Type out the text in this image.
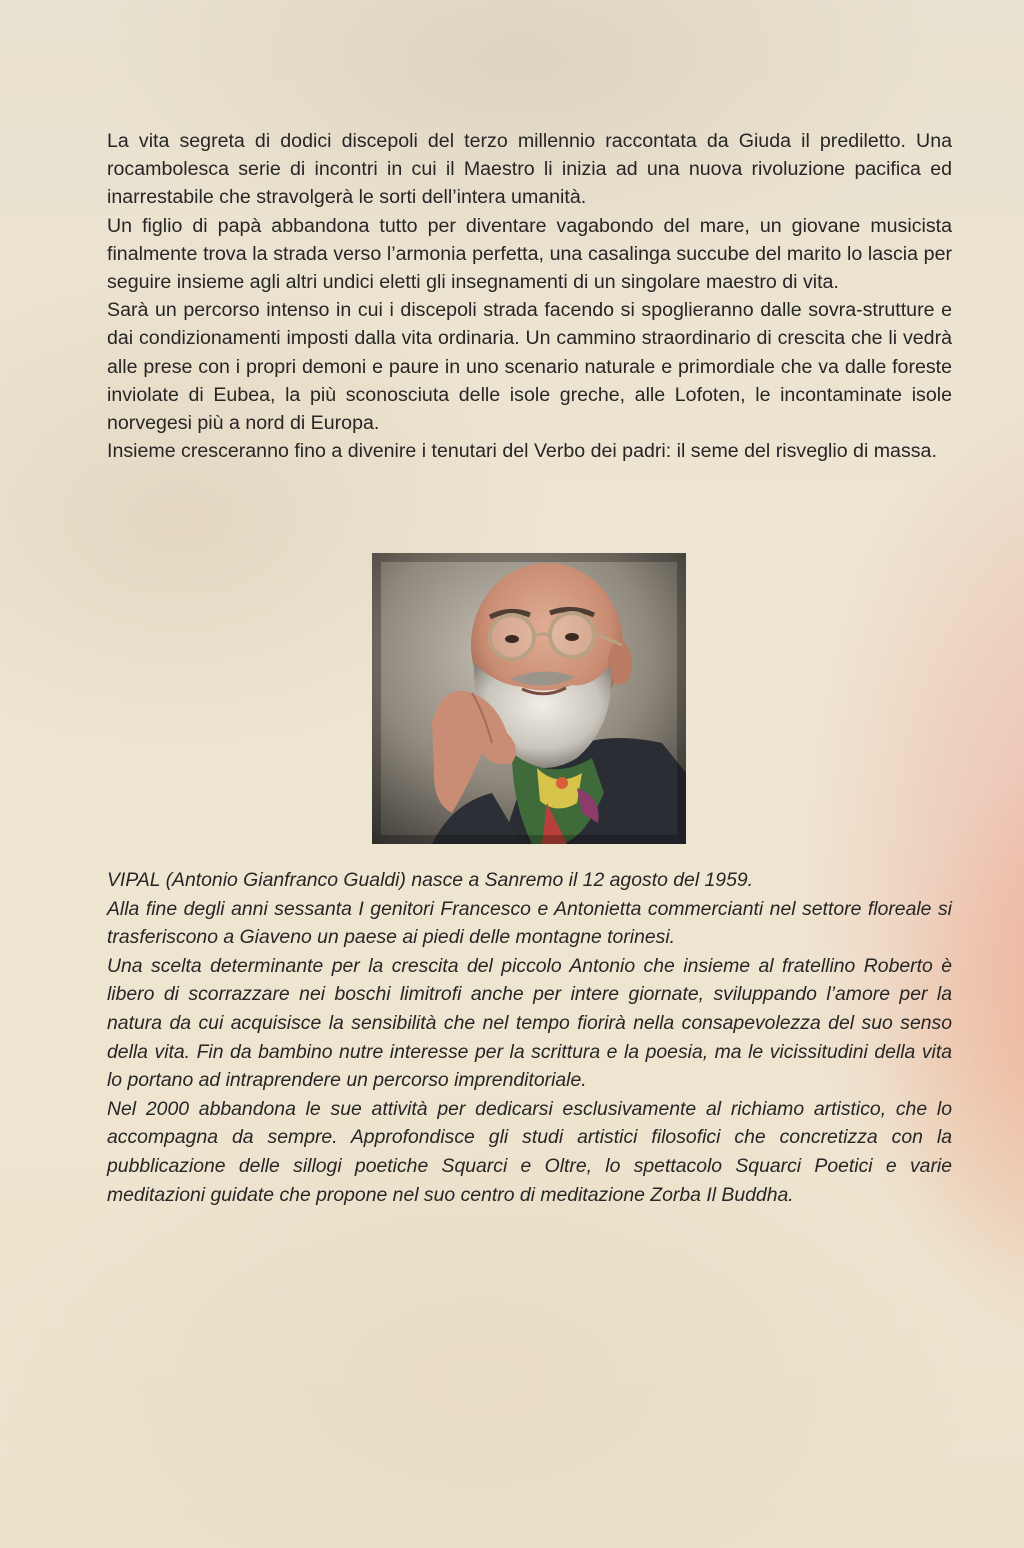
La vita segreta di dodici discepoli del terzo millennio raccontata da Giuda il prediletto. Una rocambolesca serie di incontri in cui il Maestro li inizia ad una nuova rivoluzione pacifica ed inarrestabile che stravolgerà le sorti dell’intera umanità.

Un figlio di papà abbandona tutto per diventare vagabondo del mare, un giovane musicista finalmente trova la strada verso l’armonia perfetta, una casalinga succube del marito lo lascia per seguire insieme agli altri undici eletti gli insegnamenti di un singolare maestro di vita.

Sarà un percorso intenso in cui i discepoli strada facendo si spoglieranno dalle sovra-strutture e dai condizionamenti imposti dalla vita ordinaria. Un cammino straordinario di crescita che li vedrà alle prese con i propri demoni e paure in uno scenario naturale e primordiale che va dalle foreste inviolate di Eubea, la più sconosciuta delle isole greche, alle Lofoten, le incontaminate isole norvegesi più a nord di Europa.

Insieme cresceranno fino a divenire i tenutari del Verbo dei padri: il seme del risveglio di massa.

VIPAL (Antonio Gianfranco Gualdi) nasce a Sanremo il 12 agosto del 1959.

Alla fine degli anni sessanta I genitori Francesco e Antonietta commercianti nel settore floreale si trasferiscono a Giaveno un paese ai piedi delle montagne torinesi.

Una scelta determinante per la crescita del piccolo Antonio che insieme al fratellino Roberto è libero di scorrazzare nei boschi limitrofi anche per intere giornate, sviluppando l’amore per la natura da cui acquisisce la sensibilità che nel tempo fiorirà nella consapevolezza del suo senso della vita. Fin da bambino nutre interesse per la scrittura e la poesia, ma le vicissitudini della vita lo portano ad intraprendere un percorso imprenditoriale.

Nel 2000 abbandona le sue attività per dedicarsi esclusivamente al richiamo artistico, che lo accompagna da sempre. Approfondisce gli studi artistici filosofici che concretizza con la pubblicazione delle sillogi poetiche Squarci e Oltre, lo spettacolo Squarci Poetici e varie meditazioni guidate che propone nel suo centro di meditazione Zorba Il Buddha.
